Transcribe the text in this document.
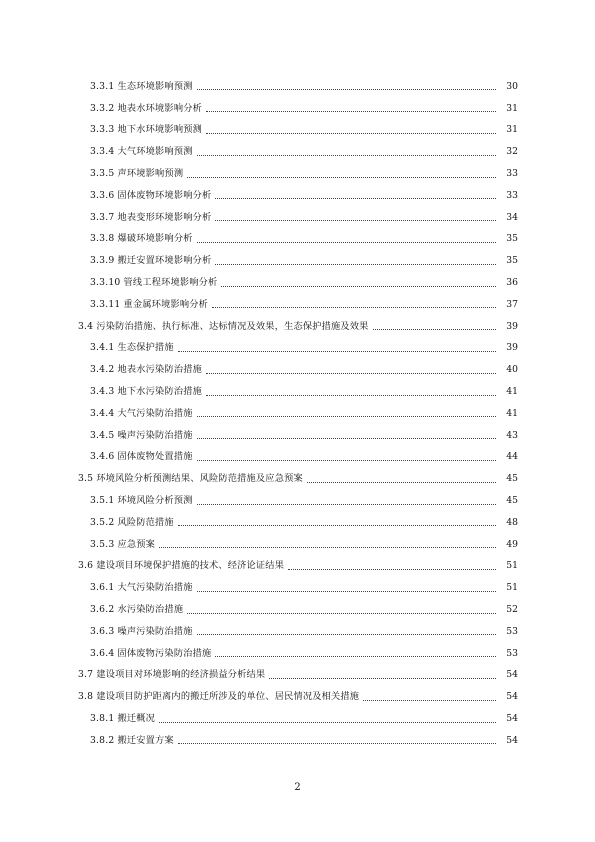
3.3.1 生态环境影响预测	30
3.3.2 地表水环境影响分析	31
3.3.3 地下水环境影响预测	31
3.3.4 大气环境影响预测	32
3.3.5 声环境影响预测	33
3.3.6 固体废物环境影响分析	33
3.3.7 地表变形环境影响分析	34
3.3.8 爆破环境影响分析	35
3.3.9 搬迁安置环境影响分析	35
3.3.10 管线工程环境影响分析	36
3.3.11 重金属环境影响分析	37
3.4 污染防治措施、执行标准、达标情况及效果，生态保护措施及效果	39
3.4.1 生态保护措施	39
3.4.2 地表水污染防治措施	40
3.4.3 地下水污染防治措施	41
3.4.4 大气污染防治措施	41
3.4.5 噪声污染防治措施	43
3.4.6 固体废物处置措施	44
3.5 环境风险分析预测结果、风险防范措施及应急预案	45
3.5.1 环境风险分析预测	45
3.5.2 风险防范措施	48
3.5.3 应急预案	49
3.6 建设项目环境保护措施的技术、经济论证结果	51
3.6.1 大气污染防治措施	51
3.6.2 水污染防治措施	52
3.6.3 噪声污染防治措施	53
3.6.4 固体废物污染防治措施	53
3.7 建设项目对环境影响的经济损益分析结果	54
3.8 建设项目防护距离内的搬迁所涉及的单位、居民情况及相关措施	54
3.8.1 搬迁概况	54
3.8.2 搬迁安置方案	54
2
